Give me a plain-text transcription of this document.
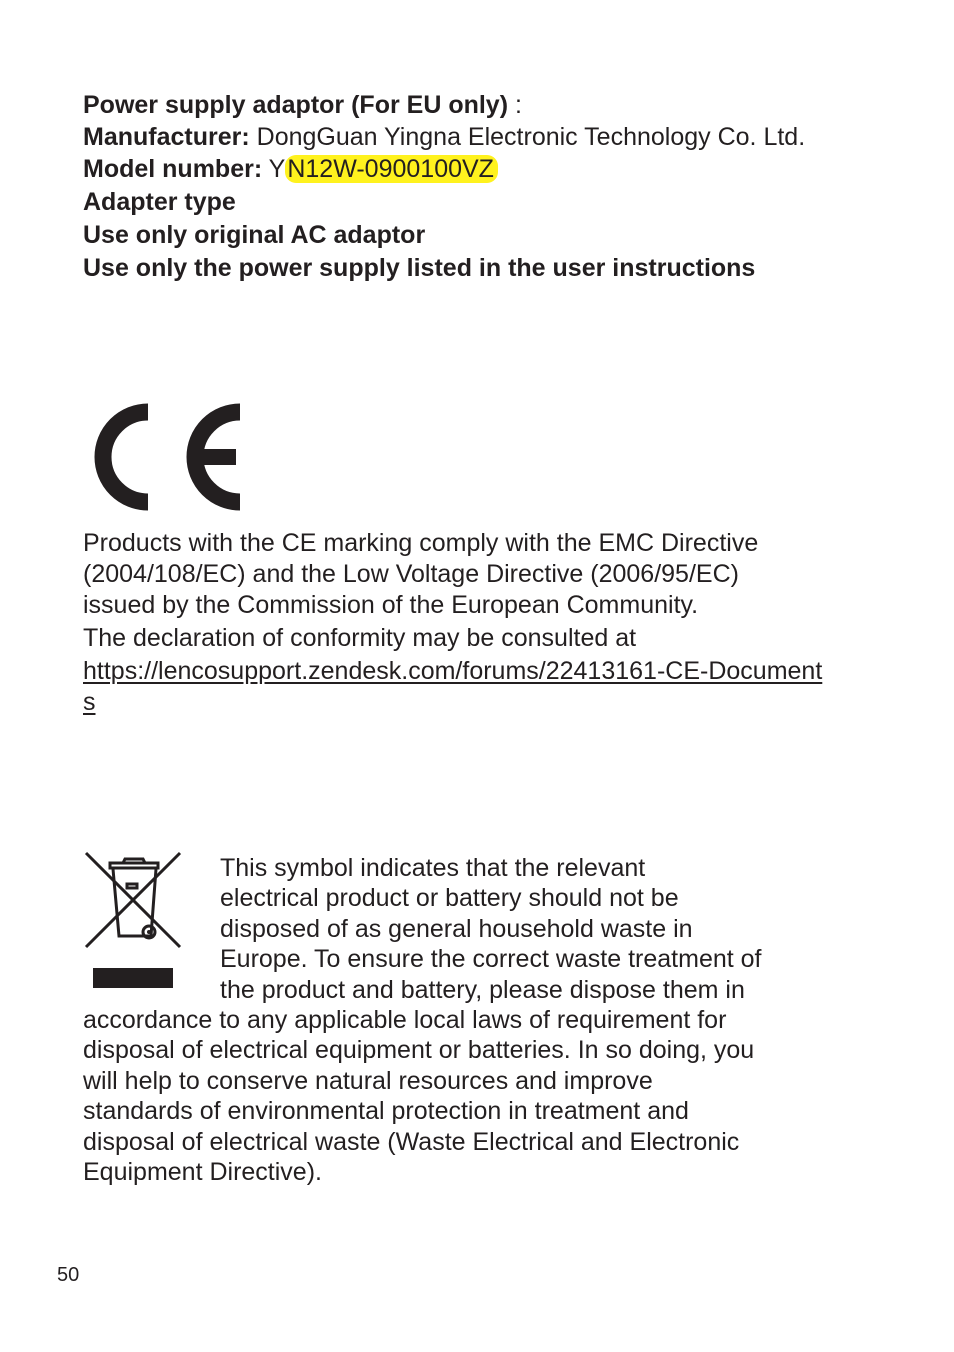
Power supply adaptor (For EU only) :
Manufacturer: DongGuan Yingna Electronic Technology Co. Ltd.
Model number: YN12W-0900100VZ
Adapter type
Use only original AC adaptor
Use only the power supply listed in the user instructions
Products with the CE marking comply with the EMC Directive
(2004/108/EC) and the Low Voltage Directive (2006/95/EC)
issued by the Commission of the European Community.
The declaration of conformity may be consulted at
https://lencosupport.zendesk.com/forums/22413161-CE-Documents
This symbol indicates that the relevant
electrical product or battery should not be
disposed of as general household waste in
Europe. To ensure the correct waste treatment of
the product and battery, please dispose them in
accordance to any applicable local laws of requirement for
disposal of electrical equipment or batteries. In so doing, you
will help to conserve natural resources and improve
standards of environmental protection in treatment and
disposal of electrical waste (Waste Electrical and Electronic
Equipment Directive).
50
